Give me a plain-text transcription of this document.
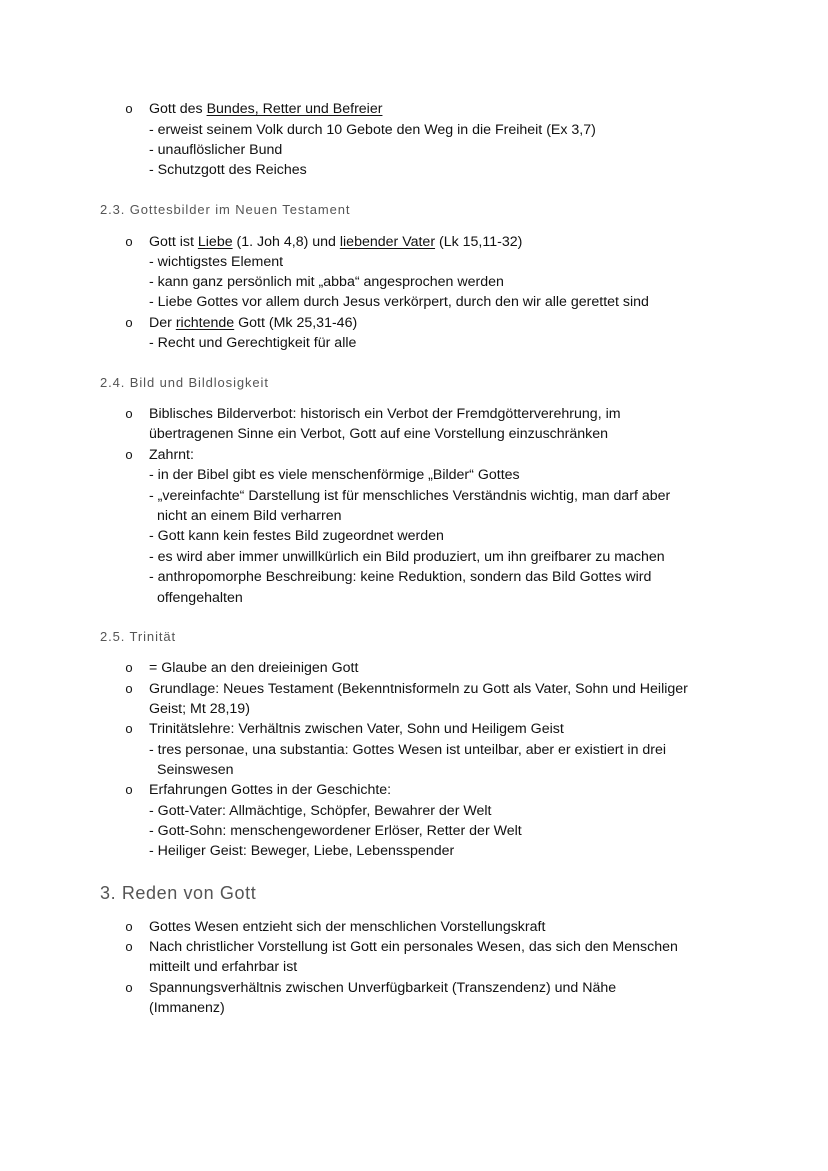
o Gott des Bundes, Retter und Befreier
- erweist seinem Volk durch 10 Gebote den Weg in die Freiheit (Ex 3,7)
- unauflöslicher Bund
- Schutzgott des Reiches
2.3. Gottesbilder im Neuen Testament
o Gott ist Liebe (1. Joh 4,8) und liebender Vater (Lk 15,11-32)
- wichtigstes Element
- kann ganz persönlich mit „abba“ angesprochen werden
- Liebe Gottes vor allem durch Jesus verkörpert, durch den wir alle gerettet sind
o Der richtende Gott (Mk 25,31-46)
- Recht und Gerechtigkeit für alle
2.4. Bild und Bildlosigkeit
o Biblisches Bilderverbot: historisch ein Verbot der Fremdgötterverehrung, im
übertragenen Sinne ein Verbot, Gott auf eine Vorstellung einzuschränken
o Zahrnt:
- in der Bibel gibt es viele menschenförmige „Bilder“ Gottes
- „vereinfachte“ Darstellung ist für menschliches Verständnis wichtig, man darf aber
nicht an einem Bild verharren
- Gott kann kein festes Bild zugeordnet werden
- es wird aber immer unwillkürlich ein Bild produziert, um ihn greifbarer zu machen
- anthropomorphe Beschreibung: keine Reduktion, sondern das Bild Gottes wird
offengehalten
2.5. Trinität
o = Glaube an den dreieinigen Gott
o Grundlage: Neues Testament (Bekenntnisformeln zu Gott als Vater, Sohn und Heiliger
Geist; Mt 28,19)
o Trinitätslehre: Verhältnis zwischen Vater, Sohn und Heiligem Geist
- tres personae, una substantia: Gottes Wesen ist unteilbar, aber er existiert in drei
Seinswesen
o Erfahrungen Gottes in der Geschichte:
- Gott-Vater: Allmächtige, Schöpfer, Bewahrer der Welt
- Gott-Sohn: menschengewordener Erlöser, Retter der Welt
- Heiliger Geist: Beweger, Liebe, Lebensspender
3. Reden von Gott
o Gottes Wesen entzieht sich der menschlichen Vorstellungskraft
o Nach christlicher Vorstellung ist Gott ein personales Wesen, das sich den Menschen
mitteilt und erfahrbar ist
o Spannungsverhältnis zwischen Unverfügbarkeit (Transzendenz) und Nähe
(Immanenz)
